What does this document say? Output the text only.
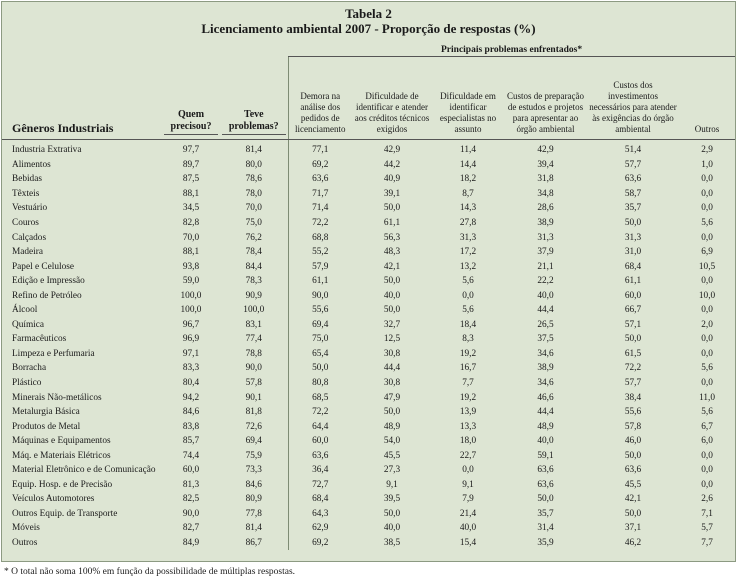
Tabela 2
Licenciamento ambiental 2007 - Proporção de respostas (%)
			Principais problemas enfrentados*					
Gêneros Industriais	Quem precisou?	Teve problemas?	Demora na análise dos pedidos de licenciamento	Dificuldade de identificar e atender aos créditos técnicos exigidos	Dificuldade em identificar especialistas no assunto	Custos de preparação de estudos e projetos para apresentar ao órgão ambiental	Custos dos investimentos necessários para atender às exigências do órgão ambiental	Outros
Industria Extrativa	97,7	81,4	77,1	42,9	11,4	42,9	51,4	2,9
Alimentos	89,7	80,0	69,2	44,2	14,4	39,4	57,7	1,0
Bebidas	87,5	78,6	63,6	40,9	18,2	31,8	63,6	0,0
Têxteis	88,1	78,0	71,7	39,1	8,7	34,8	58,7	0,0
Vestuário	34,5	70,0	71,4	50,0	14,3	28,6	35,7	0,0
Couros	82,8	75,0	72,2	61,1	27,8	38,9	50,0	5,6
Calçados	70,0	76,2	68,8	56,3	31,3	31,3	31,3	0,0
Madeira	88,1	78,4	55,2	48,3	17,2	37,9	31,0	6,9
Papel e Celulose	93,8	84,4	57,9	42,1	13,2	21,1	68,4	10,5
Edição e Impressão	59,0	78,3	61,1	50,0	5,6	22,2	61,1	0,0
Refino de Petróleo	100,0	90,9	90,0	40,0	0,0	40,0	60,0	10,0
Álcool	100,0	100,0	55,6	50,0	5,6	44,4	66,7	0,0
Química	96,7	83,1	69,4	32,7	18,4	26,5	57,1	2,0
Farmacêuticos	96,9	77,4	75,0	12,5	8,3	37,5	50,0	0,0
Limpeza e Perfumaria	97,1	78,8	65,4	30,8	19,2	34,6	61,5	0,0
Borracha	83,3	90,0	50,0	44,4	16,7	38,9	72,2	5,6
Plástico	80,4	57,8	80,8	30,8	7,7	34,6	57,7	0,0
Minerais Não-metálicos	94,2	90,1	68,5	47,9	19,2	46,6	38,4	11,0
Metalurgia Básica	84,6	81,8	72,2	50,0	13,9	44,4	55,6	5,6
Produtos de Metal	83,8	72,6	64,4	48,9	13,3	48,9	57,8	6,7
Máquinas e Equipamentos	85,7	69,4	60,0	54,0	18,0	40,0	46,0	6,0
Máq. e Materiais Elétricos	74,4	75,9	63,6	45,5	22,7	59,1	50,0	0,0
Material Eletrônico e de Comunicação	60,0	73,3	36,4	27,3	0,0	63,6	63,6	0,0
Equip. Hosp. e de Precisão	81,3	84,6	72,7	9,1	9,1	63,6	45,5	0,0
Veículos Automotores	82,5	80,9	68,4	39,5	7,9	50,0	42,1	2,6
Outros Equip. de Transporte	90,0	77,8	64,3	50,0	21,4	35,7	50,0	7,1
Móveis	82,7	81,4	62,9	40,0	40,0	31,4	37,1	5,7
Outros	84,9	86,7	69,2	38,5	15,4	35,9	46,2	7,7
* O total não soma 100% em função da possibilidade de múltiplas respostas.
